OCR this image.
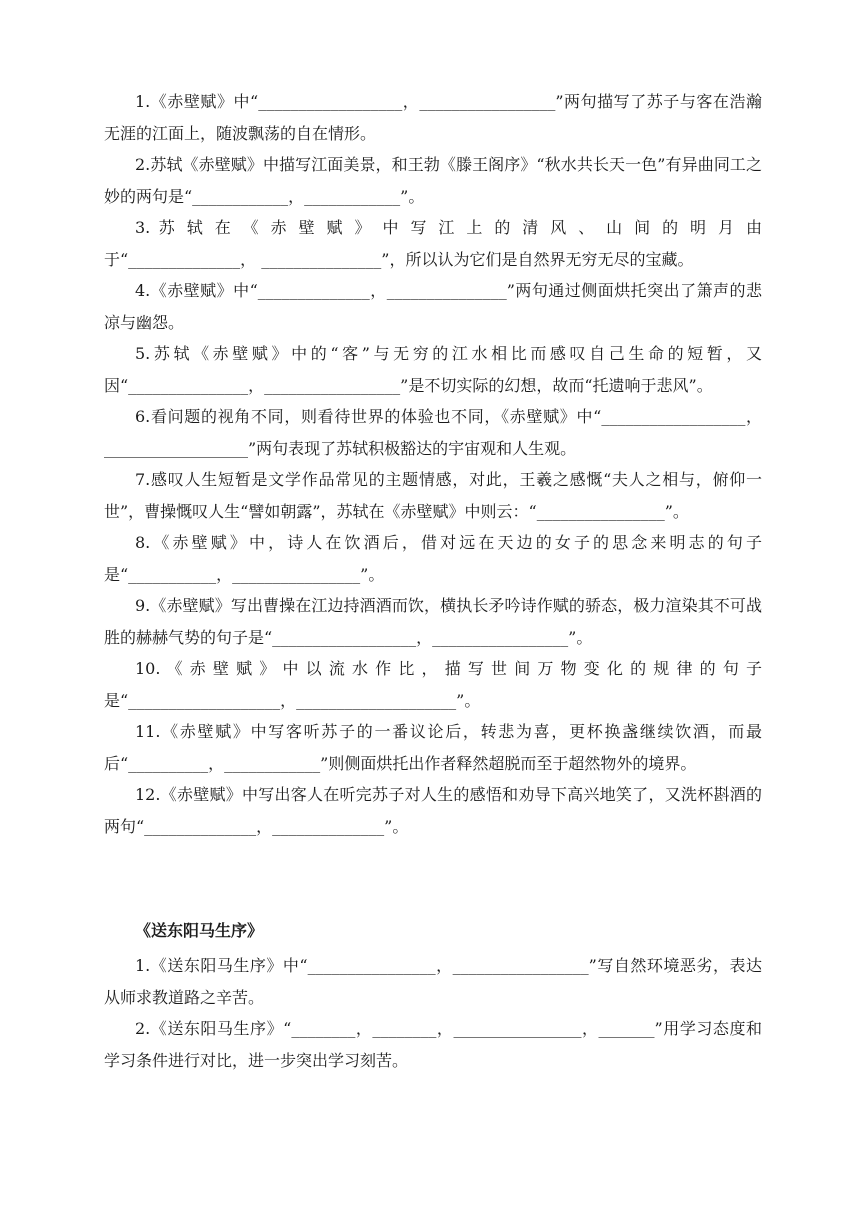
1.《赤壁赋》中“__________________，_________________”两句描写了苏子与客在浩瀚无涯的江面上，随波飘荡的自在情形。

2.苏轼《赤壁赋》中描写江面美景，和王勃《滕王阁序》“秋水共长天一色”有异曲同工之妙的两句是“____________，____________”。

3. 苏 轼 在 《 赤 壁 赋 》 中 写 江 上 的 清 风 、 山 间 的 明 月 由 于“______________， _______________”，所以认为它们是自然界无穷无尽的宝藏。

4.《赤壁赋》中“______________，_______________”两句通过侧面烘托突出了箫声的悲凉与幽怨。

5.苏轼《赤壁赋》中的“客”与无穷的江水相比而感叹自己生命的短暂，又因“_______________，_________________”是不切实际的幻想，故而“托遗响于悲风”。

6.看问题的视角不同，则看待世界的体验也不同，《赤壁赋》中“__________________，__________________”两句表现了苏轼积极豁达的宇宙观和人生观。

7.感叹人生短暂是文学作品常见的主题情感，对此，王羲之感慨“夫人之相与，俯仰一世”，曹操慨叹人生“譬如朝露”，苏轼在《赤壁赋》中则云：“________________”。

8.《赤壁赋》中，诗人在饮酒后，借对远在天边的女子的思念来明志的句子是“___________，________________”。

9.《赤壁赋》写出曹操在江边持酒酒而饮，横执长矛吟诗作赋的骄态，极力渲染其不可战胜的赫赫气势的句子是“__________________，_________________”。

10. 《 赤 壁 赋 》 中 以 流 水 作 比 ， 描 写 世 间 万 物 变 化 的 规 律 的 句 子 是“___________________，____________________”。

11.《赤壁赋》中写客听苏子的一番议论后，转悲为喜，更杯换盏继续饮酒，而最后“__________，____________”则侧面烘托出作者释然超脱而至于超然物外的境界。

12.《赤壁赋》中写出客人在听完苏子对人生的感悟和劝导下高兴地笑了，又洗杯斟酒的两句“______________，______________”。

《送东阳马生序》

1.《送东阳马生序》中“________________，_________________”写自然环境恶劣，表达从师求教道路之辛苦。

2.《送东阳马生序》“________，________，________________，_______”用学习态度和学习条件进行对比，进一步突出学习刻苦。
